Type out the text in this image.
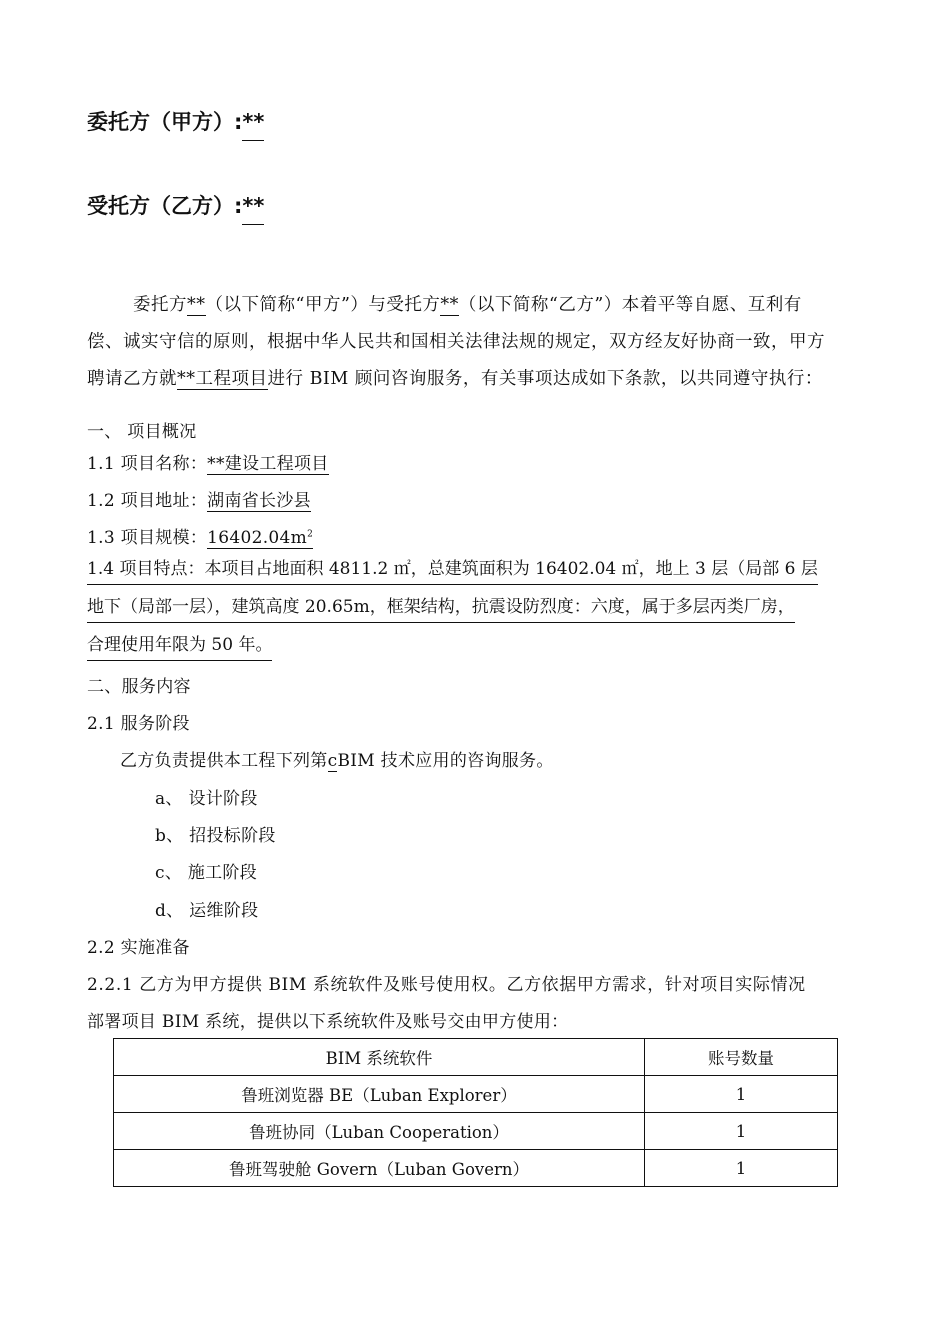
委托方（甲方）:**
受托方（乙方）:**
委托方**（以下简称“甲方”）与受托方**（以下简称“乙方”）本着平等自愿、互利有
偿、诚实守信的原则，根据中华人民共和国相关法律法规的规定，双方经友好协商一致，甲方
聘请乙方就**工程项目进行 BIM 顾问咨询服务，有关事项达成如下条款，以共同遵守执行：
一、 项目概况
1.1 项目名称：**建设工程项目
1.2 项目地址：湖南省长沙县
1.3 项目规模：$16402.04m^2$
1.4 项目特点：本项目占地面积 4811.2 ㎡，总建筑面积为 16402.04 ㎡，地上 3 层（局部 6 层
地下（局部一层），建筑高度 20.65m，框架结构，抗震设防烈度：六度，属于多层丙类厂房，
合理使用年限为 50 年。
二、服务内容
2.1 服务阶段
乙方负责提供本工程下列第cBIM 技术应用的咨询服务。
a、 设计阶段
b、 招投标阶段
c、 施工阶段
d、 运维阶段
2.2 实施准备
2.2.1 乙方为甲方提供 BIM 系统软件及账号使用权。乙方依据甲方需求，针对项目实际情况
部署项目 BIM 系统，提供以下系统软件及账号交由甲方使用：
BIM 系统软件	账号数量
鲁班浏览器 BE（Luban Explorer）	1
鲁班协同（Luban Cooperation）	1
鲁班驾驶舱 Govern（Luban Govern）	1
